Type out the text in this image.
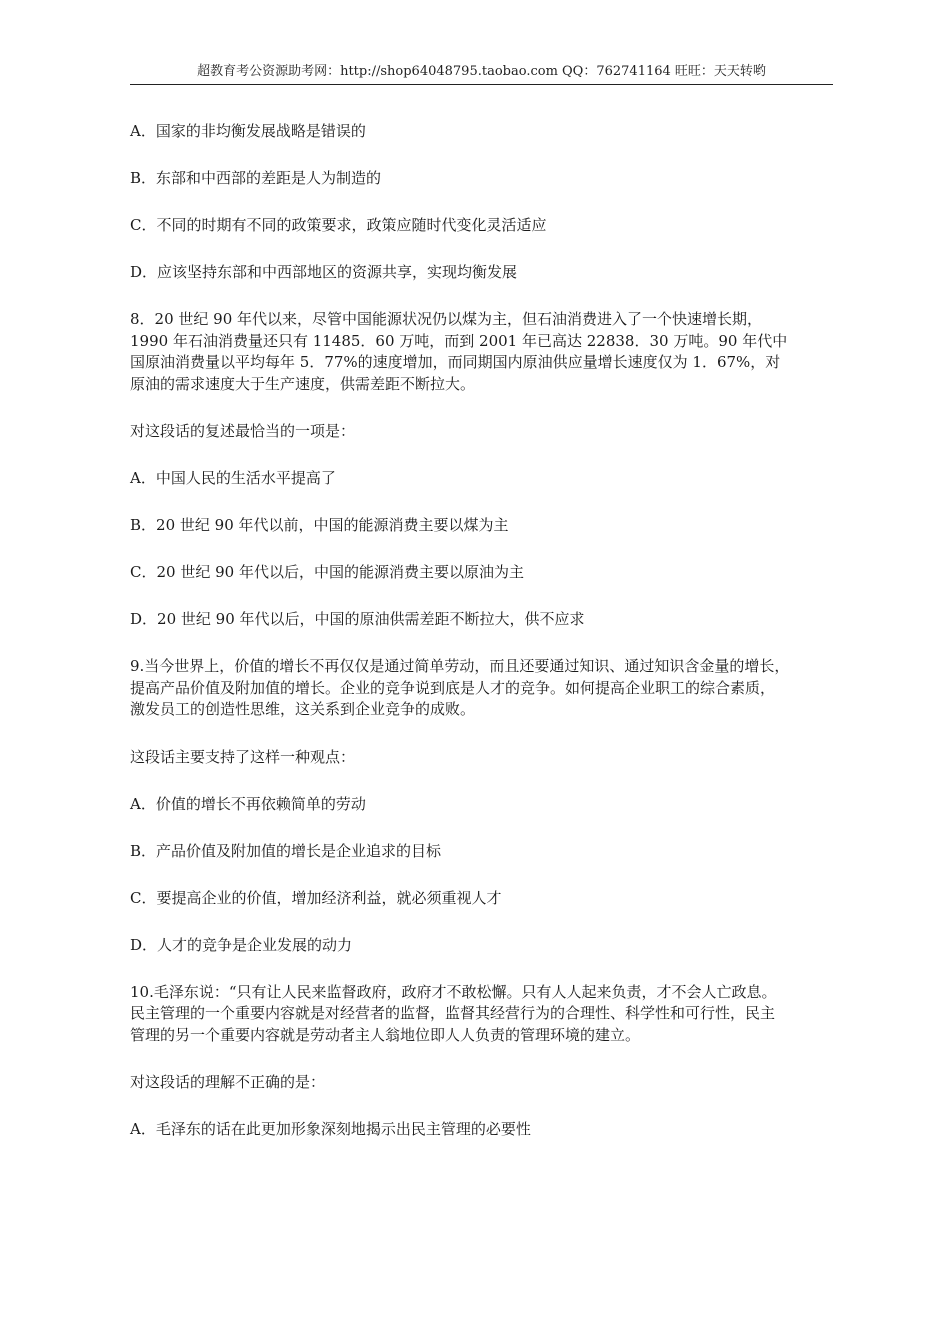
超教育考公资源助考网：http://shop64048795.taobao.com QQ：762741164 旺旺：天天转哟

A．国家的非均衡发展战略是错误的

B．东部和中西部的差距是人为制造的

C．不同的时期有不同的政策要求，政策应随时代变化灵活适应

D．应该坚持东部和中西部地区的资源共享，实现均衡发展

8．20 世纪 90 年代以来，尽管中国能源状况仍以煤为主，但石油消费进入了一个快速增长期，
1990 年石油消费量还只有 11485．60 万吨，而到 2001 年已高达 22838．30 万吨。90 年代中
国原油消费量以平均每年 5．77%的速度增加，而同期国内原油供应量增长速度仅为 1．67%，对
原油的需求速度大于生产速度，供需差距不断拉大。

对这段话的复述最恰当的一项是：

A．中国人民的生活水平提高了

B．20 世纪 90 年代以前，中国的能源消费主要以煤为主

C．20 世纪 90 年代以后，中国的能源消费主要以原油为主

D．20 世纪 90 年代以后，中国的原油供需差距不断拉大，供不应求

9.当今世界上，价值的增长不再仅仅是通过简单劳动，而且还要通过知识、通过知识含金量的增长，
提高产品价值及附加值的增长。企业的竞争说到底是人才的竞争。如何提高企业职工的综合素质，
激发员工的创造性思维，这关系到企业竞争的成败。

这段话主要支持了这样一种观点：

A．价值的增长不再依赖简单的劳动

B．产品价值及附加值的增长是企业追求的目标

C．要提高企业的价值，增加经济利益，就必须重视人才

D．人才的竞争是企业发展的动力

10.毛泽东说：“只有让人民来监督政府，政府才不敢松懈。只有人人起来负责，才不会人亡政息。
民主管理的一个重要内容就是对经营者的监督，监督其经营行为的合理性、科学性和可行性，民主
管理的另一个重要内容就是劳动者主人翁地位即人人负责的管理环境的建立。

对这段话的理解不正确的是：

A．毛泽东的话在此更加形象深刻地揭示出民主管理的必要性
